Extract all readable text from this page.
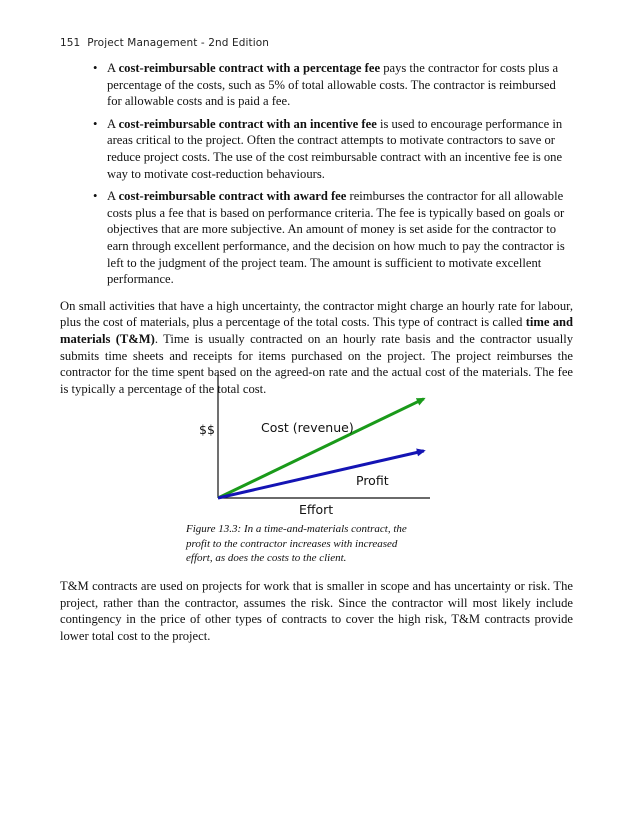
151 Project Management - 2nd Edition
• A cost-reimbursable contract with a percentage fee pays the contractor for costs plus a percentage of the costs, such as 5% of total allowable costs. The contractor is reimbursed for allowable costs and is paid a fee.
• A cost-reimbursable contract with an incentive fee is used to encourage performance in areas critical to the project. Often the contract attempts to motivate contractors to save or reduce project costs. The use of the cost reimbursable contract with an incentive fee is one way to motivate cost-reduction behaviours.
• A cost-reimbursable contract with award fee reimburses the contractor for all allowable costs plus a fee that is based on performance criteria. The fee is typically based on goals or objectives that are more subjective. An amount of money is set aside for the contractor to earn through excellent performance, and the decision on how much to pay the contractor is left to the judgment of the project team. The amount is sufficient to motivate excellent performance.

On small activities that have a high uncertainty, the contractor might charge an hourly rate for labour, plus the cost of materials, plus a percentage of the total costs. This type of contract is called time and materials (T&M). Time is usually contracted on an hourly rate basis and the contractor usually submits time sheets and receipts for items purchased on the project. The project reimburses the contractor for the time spent based on the agreed-on rate and the actual cost of the materials. The fee is typically a percentage of the total cost.

$$	Cost (revenue)
Profit
Effort
Figure 13.3: In a time-and-materials contract, the profit to the contractor increases with increased effort, as does the costs to the client.

T&M contracts are used on projects for work that is smaller in scope and has uncertainty or risk. The project, rather than the contractor, assumes the risk. Since the contractor will most likely include contingency in the price of other types of contracts to cover the high risk, T&M contracts provide lower total cost to the project.
